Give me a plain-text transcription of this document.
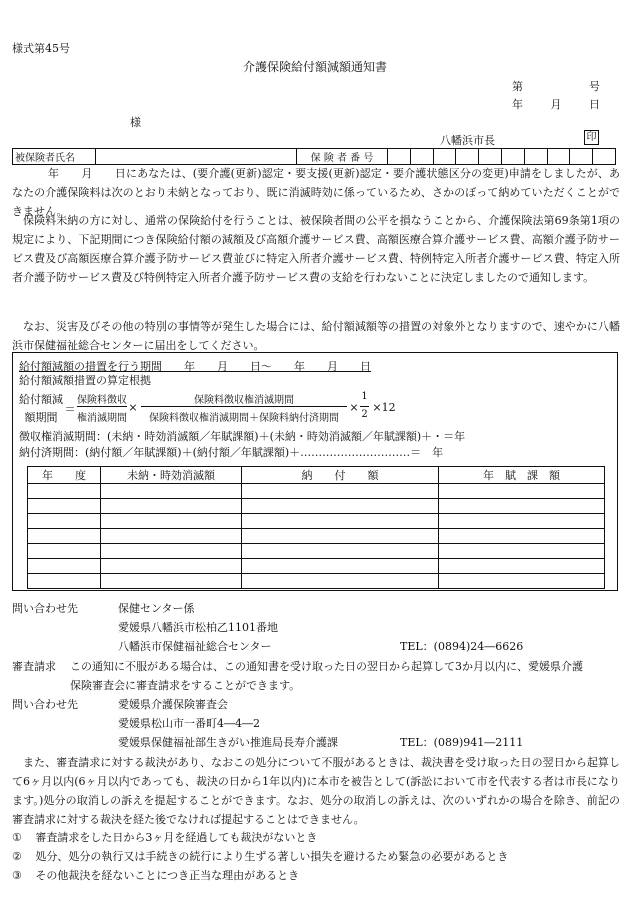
様式第45号
介護保険給付額減額通知書
第	号
年	月	日
様
八幡浜市長	印
被保険者氏名		保 険 者 番 号										
年　　月　　日にあなたは、(要介護(更新)認定・要支援(更新)認定・要介護状態区分の変更)申請をしましたが、あなたの介護保険料は次のとおり未納となっており、既に消滅時効に係っているため、さかのぼって納めていただくことができません。
保険料未納の方に対し、通常の保険給付を行うことは、被保険者間の公平を損なうことから、介護保険法第69条第1項の規定により、下記期間につき保険給付額の減額及び高額介護サービス費、高額医療合算介護サービス費、高額介護予防サービス費及び高額医療合算介護予防サービス費並びに特定入所者介護サービス費、特例特定入所者介護サービス費、特定入所者介護予防サービス費及び特例特定入所者介護予防サービス費の支給を行わないことに決定しましたので通知します。
なお、災害及びその他の特別の事情等が発生した場合には、給付額減額等の措置の対象外となりますので、速やかに八幡浜市保健福祉総合センターに届出をしてください。
給付額減額の措置を行う期間　　年　　月　　日～　　年　　月　　日
給付額減額措置の算定根拠
給付額減
額期間
＝
保険料徴収
権消滅期間
×
保険料徴収権消滅期間
保険料徴収権消滅期間＋保険料納付済期間
×
1
2
×12
徴収権消滅期間：(未納・時効消滅額／年賦課額)＋(未納・時効消滅額／年賦課額)＋・＝年
納付済期間：(納付額／年賦課額)＋(納付額／年賦課額)＋…………………………＝　年
年　　度	未納・時効消滅額	納　　付　　額	年　賦　課　額

問い合わせ先	保健センター係
愛媛県八幡浜市松柏乙1101番地
八幡浜市保健福祉総合センター	TEL：(0894)24―6626
審査請求 この通知に不服がある場合は、この通知書を受け取った日の翌日から起算して3か月以内に、愛媛県介護
保険審査会に審査請求をすることができます。
問い合わせ先	愛媛県介護保険審査会
愛媛県松山市一番町4―4―2
愛媛県保健福祉部生きがい推進局長寿介護課	TEL：(089)941―2111
また、審査請求に対する裁決があり、なおこの処分について不服があるときは、裁決書を受け取った日の翌日から起算して6ヶ月以内(6ヶ月以内であっても、裁決の日から1年以内)に本市を被告として(訴訟において市を代表する者は市長になります。)処分の取消しの訴えを提起することができます。なお、処分の取消しの訴えは、次のいずれかの場合を除き、前記の審査請求に対する裁決を経た後でなければ提起することはできません。
① 審査請求をした日から3ヶ月を経過しても裁決がないとき
② 処分、処分の執行又は手続きの続行により生ずる著しい損失を避けるため緊急の必要があるとき
③ その他裁決を経ないことにつき正当な理由があるとき
